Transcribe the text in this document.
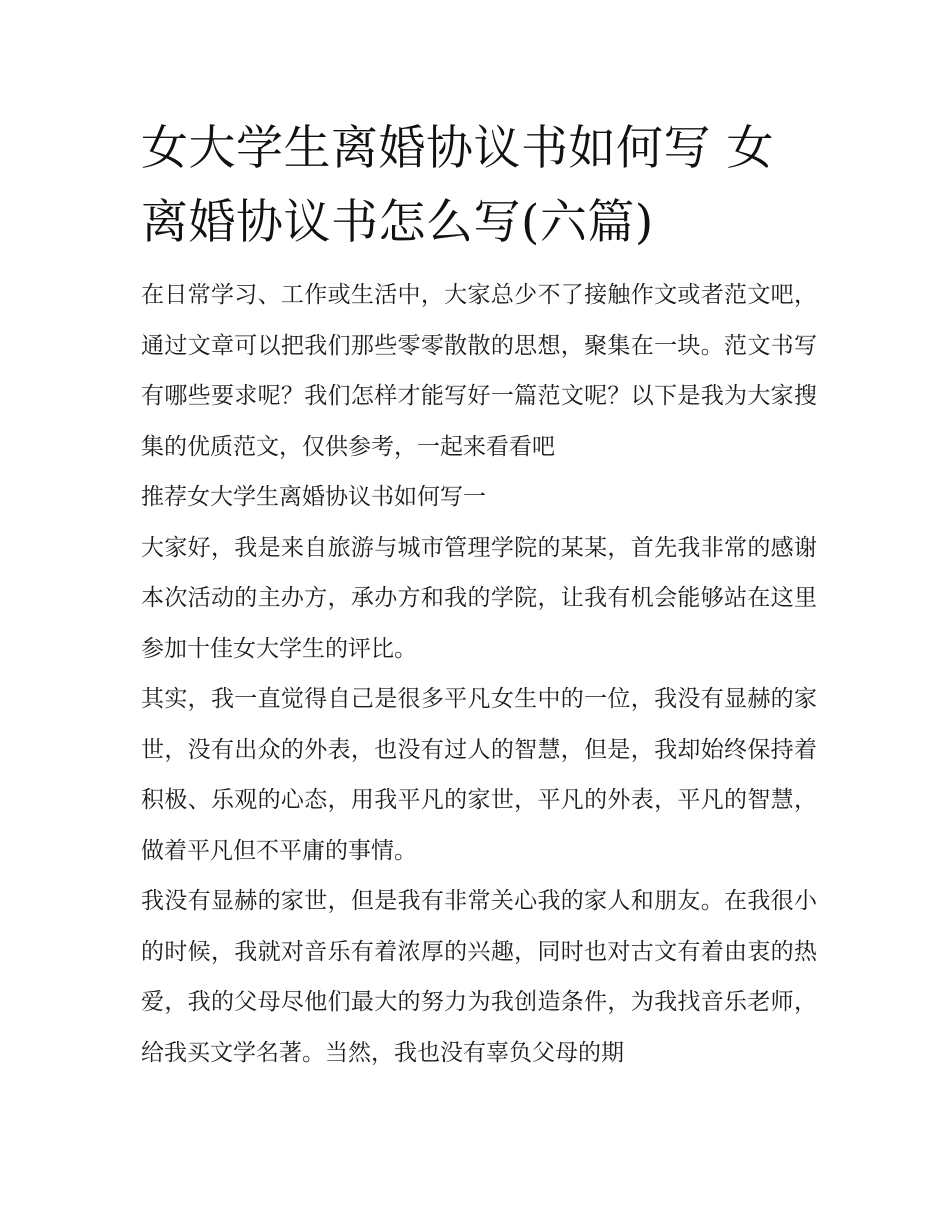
女大学生离婚协议书如何写 女离婚协议书怎么写(六篇)

在日常学习、工作或生活中，大家总少不了接触作文或者范文吧，通过文章可以把我们那些零零散散的思想，聚集在一块。范文书写有哪些要求呢？我们怎样才能写好一篇范文呢？以下是我为大家搜集的优质范文，仅供参考，一起来看看吧

推荐女大学生离婚协议书如何写一

大家好，我是来自旅游与城市管理学院的某某，首先我非常的感谢本次活动的主办方，承办方和我的学院，让我有机会能够站在这里参加十佳女大学生的评比。

其实，我一直觉得自己是很多平凡女生中的一位，我没有显赫的家世，没有出众的外表，也没有过人的智慧，但是，我却始终保持着积极、乐观的心态，用我平凡的家世，平凡的外表，平凡的智慧，做着平凡但不平庸的事情。

我没有显赫的家世，但是我有非常关心我的家人和朋友。在我很小的时候，我就对音乐有着浓厚的兴趣，同时也对古文有着由衷的热爱，我的父母尽他们最大的努力为我创造条件，为我找音乐老师，给我买文学名著。当然，我也没有辜负父母的期
